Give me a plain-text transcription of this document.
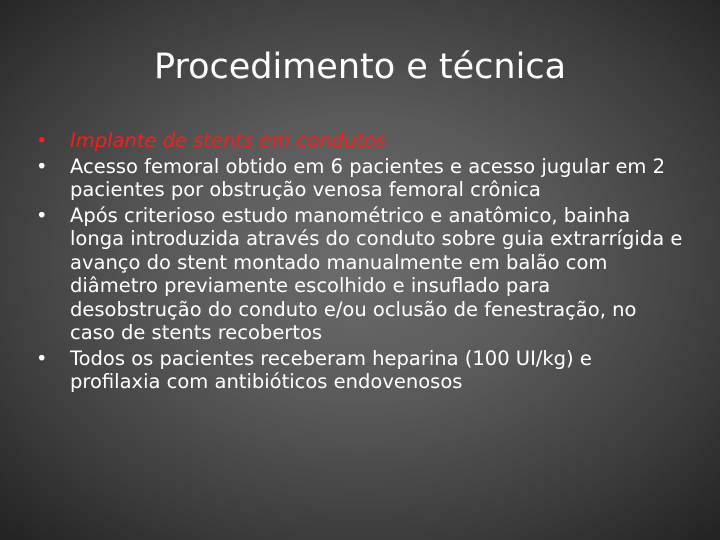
Procedimento e técnica
•	Implante de stents em condutos
•	Acesso femoral obtido em 6 pacientes e acesso jugular em 2 pacientes por obstrução venosa femoral crônica
•	Após criterioso estudo manométrico e anatômico, bainha longa introduzida através do conduto sobre guia extrarrígida e avanço do stent montado manualmente em balão com diâmetro previamente escolhido e insuflado para desobstrução do conduto e/ou oclusão de fenestração, no caso de stents recobertos
•	Todos os pacientes receberam heparina (100 UI/kg) e profilaxia com antibióticos endovenosos
